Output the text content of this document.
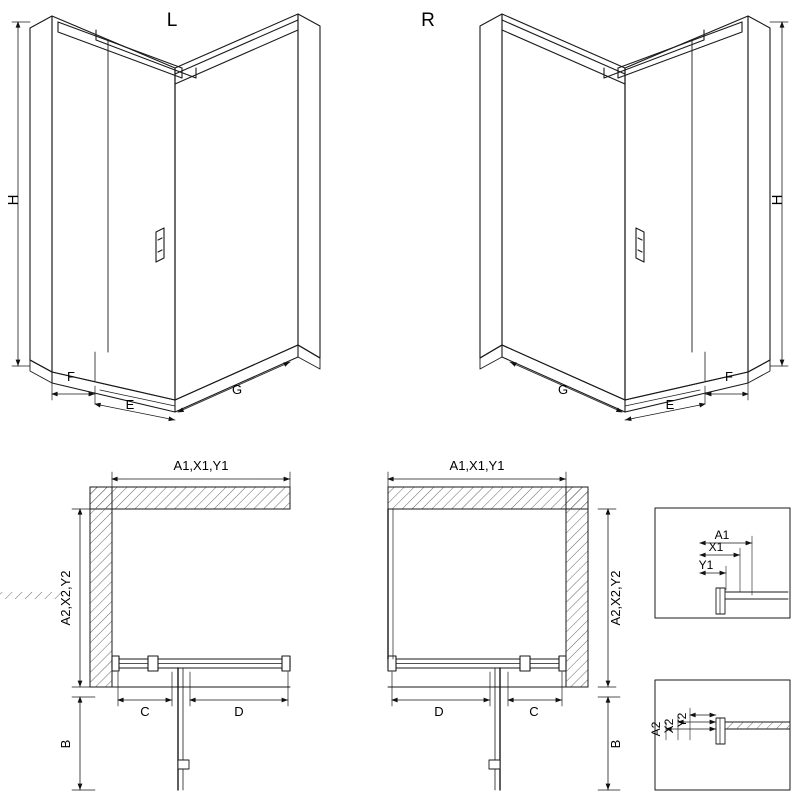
L	R
H
F
E
G
H
F
E
G
A1,X1,Y1
A2,X2,Y2
C	D
B
A1,X1,Y1
A2,X2,Y2
D	C
B
A1
X1
Y1
A2 X2 Y2
